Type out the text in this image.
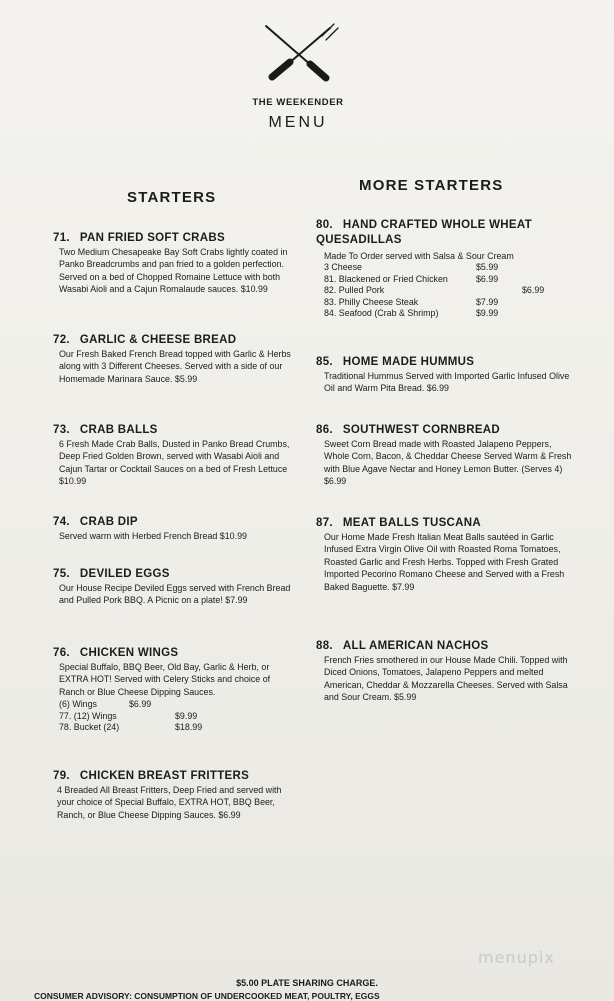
THE WEEKENDER
MENU
STARTERS
MORE STARTERS
71. PAN FRIED SOFT CRABS

Two Medium Chesapeake Bay Soft Crabs lightly coated in Panko Breadcrumbs and pan fried to a golden perfection. Served on a bed of Chopped Romaine Lettuce with both Wasabi Aioli and a Cajun Romalaude sauces. $10.99

72. GARLIC & CHEESE BREAD

Our Fresh Baked French Bread topped with Garlic & Herbs along with 3 Different Cheeses. Served with a side of our Homemade Marinara Sauce. $5.99

73. CRAB BALLS

6 Fresh Made Crab Balls, Dusted in Panko Bread Crumbs, Deep Fried Golden Brown, served with Wasabi Aioli and Cajun Tartar or Cocktail Sauces on a bed of Fresh Lettuce $10.99

74. CRAB DIP

Served warm with Herbed French Bread $10.99

75. DEVILED EGGS

Our House Recipe Deviled Eggs served with French Bread and Pulled Pork BBQ. A Picnic on a plate! $7.99

76. CHICKEN WINGS

Special Buffalo, BBQ Beer, Old Bay, Garlic & Herb, or EXTRA HOT! Served with Celery Sticks and choice of Ranch or Blue Cheese Dipping Sauces.

(6) Wings	$6.99
77. (12) Wings	$9.99
78. Bucket (24)	$18.99
79. CHICKEN BREAST FRITTERS

4 Breaded All Breast Fritters, Deep Fried and served with your choice of Special Buffalo, EXTRA HOT, BBQ Beer, Ranch, or Blue Cheese Dipping Sauces. $6.99

80. HAND CRAFTED WHOLE WHEAT QUESADILLAS

Made To Order served with Salsa & Sour Cream

3 Cheese	$5.99
81. Blackened or Fried Chicken	$6.99
82. Pulled Pork	$6.99
83. Philly Cheese Steak	$7.99
84. Seafood (Crab & Shrimp)	$9.99
85. HOME MADE HUMMUS

Traditional Hummus Served with Imported Garlic Infused Olive Oil and Warm Pita Bread. $6.99

86. SOUTHWEST CORNBREAD

Sweet Corn Bread made with Roasted Jalapeno Peppers, Whole Corn, Bacon, & Cheddar Cheese Served Warm & Fresh with Blue Agave Nectar and Honey Lemon Butter. (Serves 4) $6.99

87. MEAT BALLS TUSCANA

Our Home Made Fresh Italian Meat Balls sautéed in Garlic Infused Extra Virgin Olive Oil with Roasted Roma Tomatoes, Roasted Garlic and Fresh Herbs. Topped with Fresh Grated Imported Pecorino Romano Cheese and Served with a Fresh Baked Baguette. $7.99

88. ALL AMERICAN NACHOS

French Fries smothered in our House Made Chili. Topped with Diced Onions, Tomatoes, Jalapeno Peppers and melted American, Cheddar & Mozzarella Cheeses. Served with Salsa and Sour Cream. $5.99

menupix
$5.00 PLATE SHARING CHARGE.
CONSUMER ADVISORY: CONSUMPTION OF UNDERCOOKED MEAT, POULTRY, EGGS
